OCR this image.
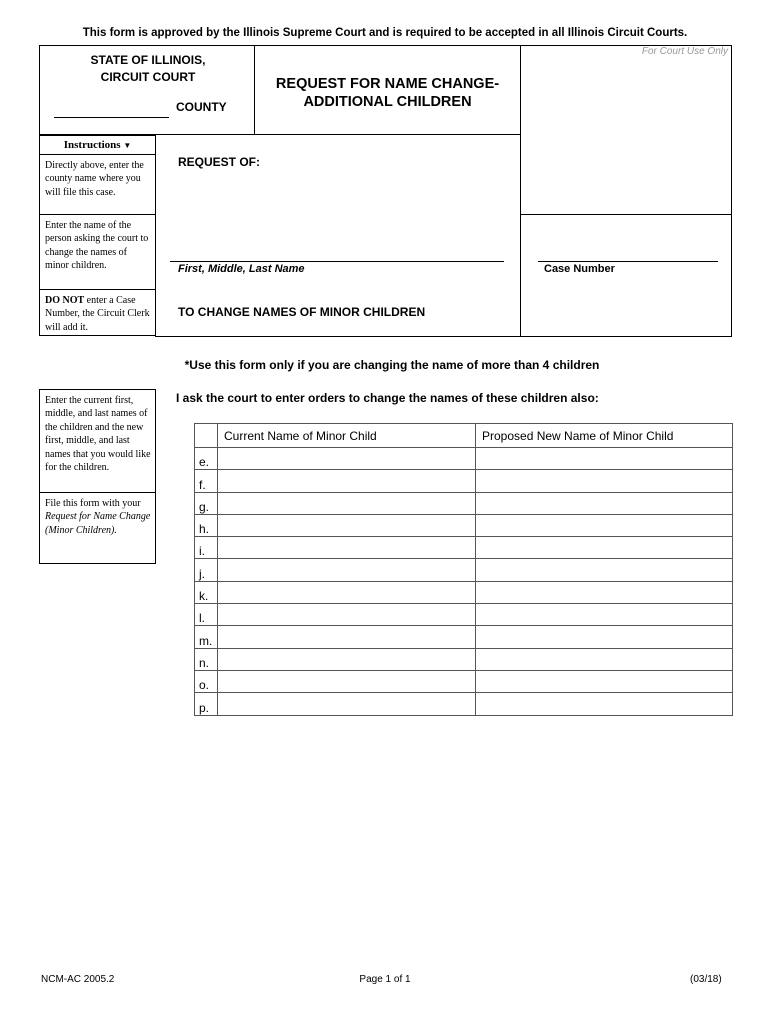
This form is approved by the Illinois Supreme Court and is required to be accepted in all Illinois Circuit Courts.
For Court Use Only
STATE OF ILLINOIS,
CIRCUIT COURT
COUNTY
REQUEST FOR NAME CHANGE-
ADDITIONAL CHILDREN
Instructions ▼
Directly above, enter the county name where you will file this case.
Enter the name of the person asking the court to change the names of minor children.
DO NOT enter a Case Number, the Circuit Clerk will add it.
REQUEST OF:
First, Middle, Last Name	Case Number
TO CHANGE NAMES OF MINOR CHILDREN
*Use this form only if you are changing the name of more than 4 children
Enter the current first, middle, and last names of the children and the new first, middle, and last names that you would like for the children.
File this form with your Request for Name Change (Minor Children).
I ask the court to enter orders to change the names of these children also:
	Current Name of Minor Child	Proposed New Name of Minor Child
e.		
f.		
g.		
h.		
i.		
j.		
k.		
l.		
m.		
n.		
o.		
p.		
NCM-AC 2005.2	Page 1 of 1	(03/18)
